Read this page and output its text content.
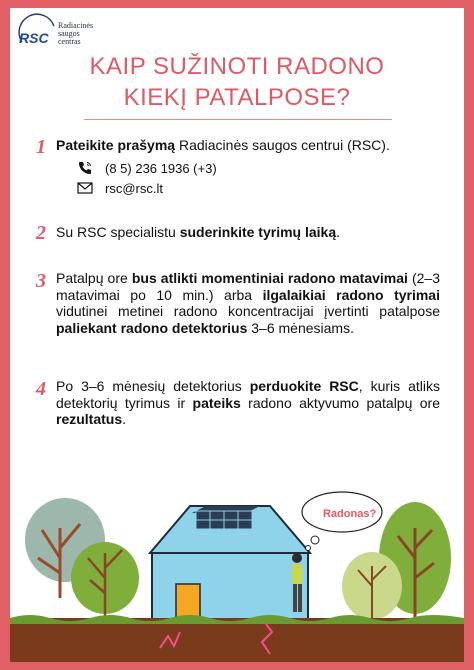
RSC
Radiacinės
saugos
centras
KAIP SUŽINOTI RADONO
KIEKĮ PATALPOSE?
1 Pateikite prašymą Radiacinės saugos centrui (RSC).
(8 5) 236 1936 (+3)
rsc@rsc.lt
2 Su RSC specialistu suderinkite tyrimų laiką.
3 Patalpų ore bus atlikti momentiniai radono matavimai (2–3 matavimai po 10 min.) arba ilgalaikiai radono tyrimai vidutinei metinei radono koncentracijai įvertinti patalpose paliekant radono detektorius 3–6 mėnesiams.
4 Po 3–6 mėnesių detektorius perduokite RSC, kuris atliks detektorių tyrimus ir pateiks radono aktyvumo patalpų ore rezultatus.
Radonas?
